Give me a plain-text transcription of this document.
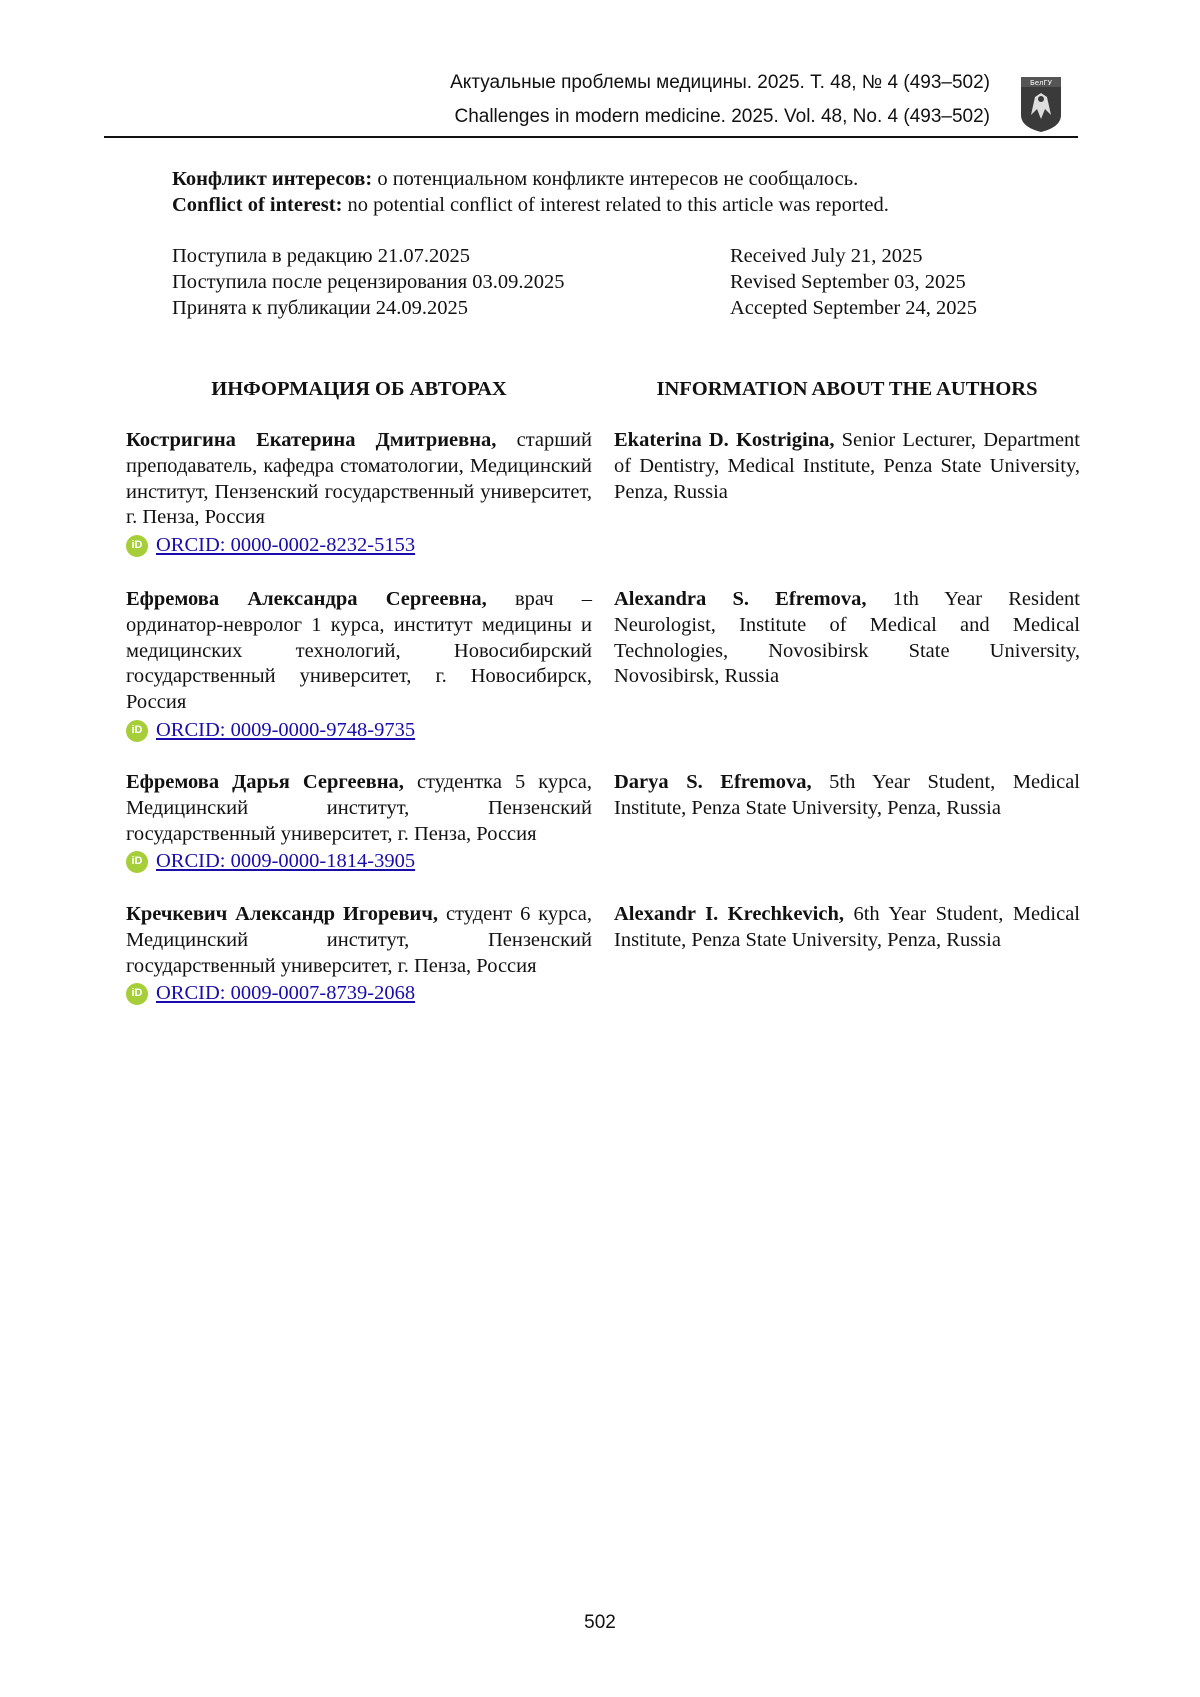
Актуальные проблемы медицины. 2025. Т. 48, № 4 (493–502)
Challenges in modern medicine. 2025. Vol. 48, No. 4 (493–502)
БелГУ
Конфликт интересов: о потенциальном конфликте интересов не сообщалось.
Conflict of interest: no potential conflict of interest related to this article was reported.
Поступила в редакцию 21.07.2025
Поступила после рецензирования 03.09.2025
Принята к публикации 24.09.2025
Received July 21, 2025
Revised September 03, 2025
Accepted September 24, 2025
ИНФОРМАЦИЯ ОБ АВТОРАХ	INFORMATION ABOUT THE AUTHORS
Костригина Екатерина Дмитриевна, старший преподаватель, кафедра стоматологии, Медицинский институт, Пензенский государственный университет, г. Пенза, Россия
iD ORCID: 0000-0002-8232-5153
Ekaterina D. Kostrigina, Senior Lecturer, Department of Dentistry, Medical Institute, Penza State University, Penza, Russia
Ефремова Александра Сергеевна, врач – ординатор-невролог 1 курса, институт медицины и медицинских технологий, Новосибирский государственный университет, г. Новосибирск, Россия
iD ORCID: 0009-0000-9748-9735
Alexandra S. Efremova, 1th Year Resident Neurologist, Institute of Medical and Medical Technologies, Novosibirsk State University, Novosibirsk, Russia
Ефремова Дарья Сергеевна, студентка 5 курса, Медицинский институт, Пензенский государственный университет, г. Пенза, Россия
iD ORCID: 0009-0000-1814-3905
Darya S. Efremova, 5th Year Student, Medical Institute, Penza State University, Penza, Russia
Кречкевич Александр Игоревич, студент 6 курса, Медицинский институт, Пензенский государственный университет, г. Пенза, Россия
iD ORCID: 0009-0007-8739-2068
Alexandr I. Krechkevich, 6th Year Student, Medical Institute, Penza State University, Penza, Russia
502
